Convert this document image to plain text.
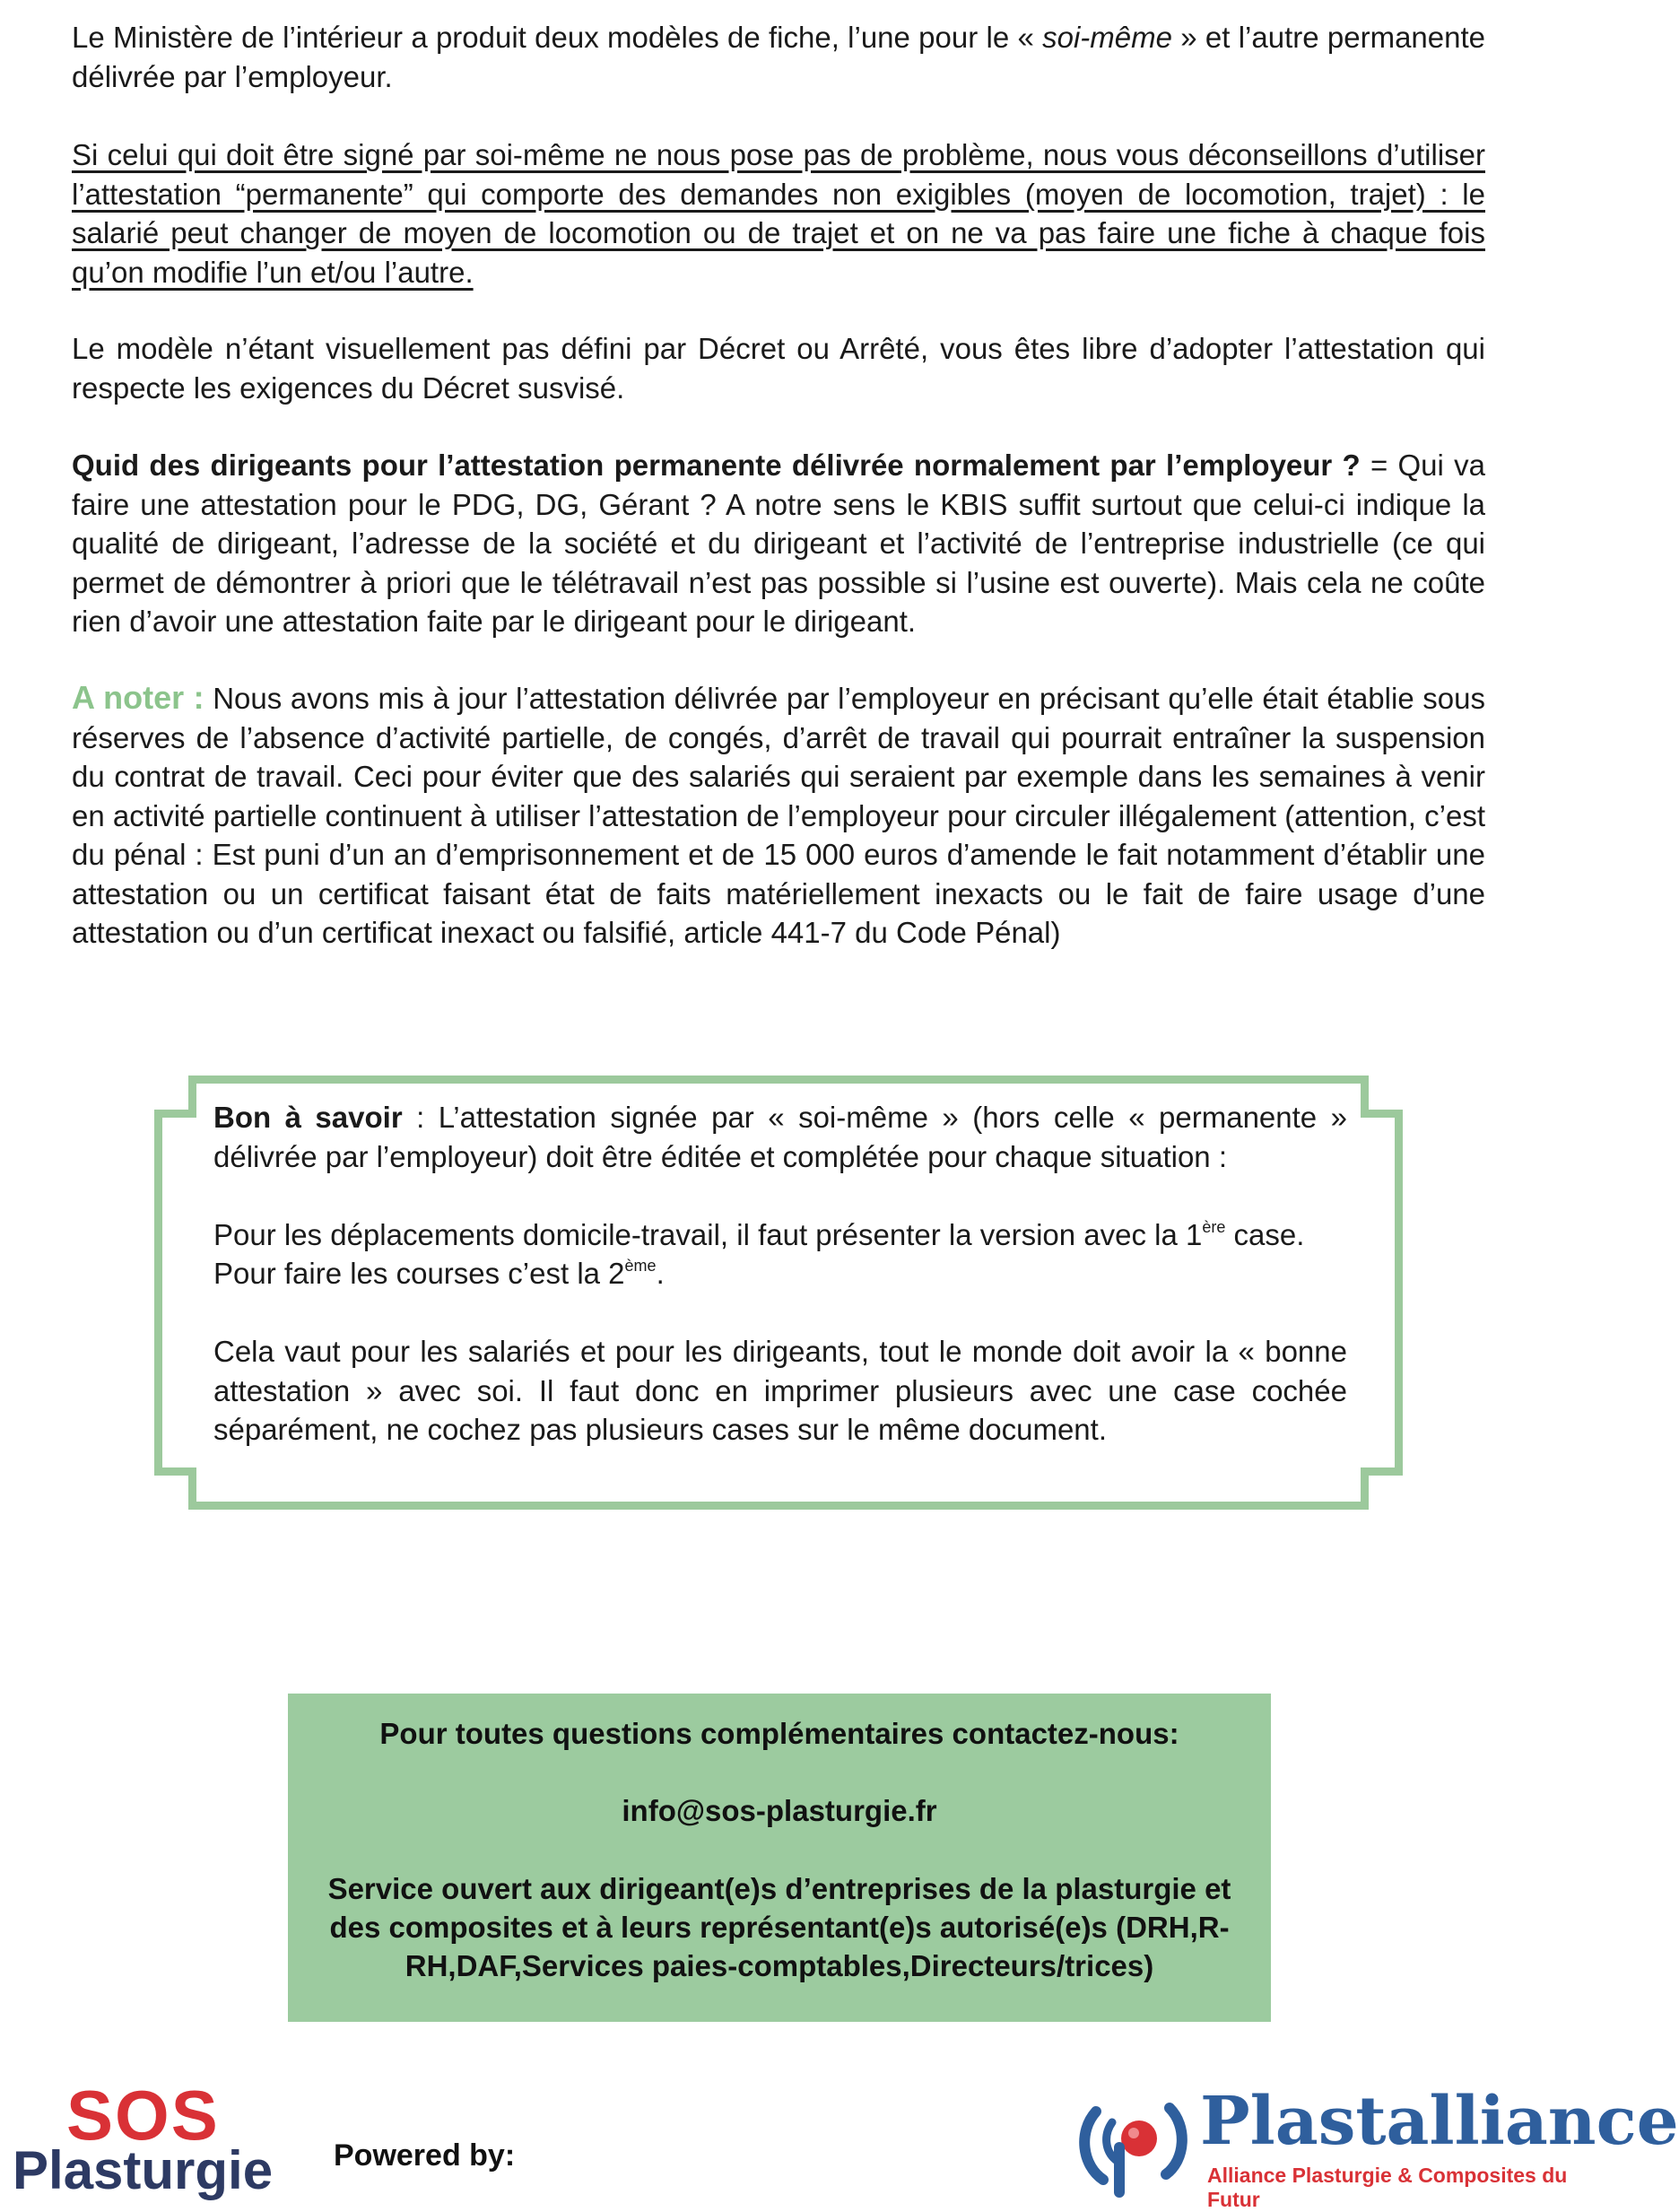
Le Ministère de l’intérieur a produit deux modèles de fiche, l’une pour le « soi-même » et l’autre permanente délivrée par l’employeur.

Si celui qui doit être signé par soi-même ne nous pose pas de problème, nous vous déconseillons d’utiliser l’attestation “permanente” qui comporte des demandes non exigibles (moyen de locomotion, trajet) : le salarié peut changer de moyen de locomotion ou de trajet et on ne va pas faire une fiche à chaque fois qu’on modifie l’un et/ou l’autre.

Le modèle n’étant visuellement pas défini par Décret ou Arrêté, vous êtes libre d’adopter l’attestation qui respecte les exigences du Décret susvisé.

Quid des dirigeants pour l’attestation permanente délivrée normalement par l’employeur ? = Qui va faire une attestation pour le PDG, DG, Gérant ? A notre sens le KBIS suffit surtout que celui-ci indique la qualité de dirigeant, l’adresse de la société et du dirigeant et l’activité de l’entreprise industrielle (ce qui permet de démontrer à priori que le télétravail n’est pas possible si l’usine est ouverte). Mais cela ne coûte rien d’avoir une attestation faite par le dirigeant pour le dirigeant.

A noter : Nous avons mis à jour l’attestation délivrée par l’employeur en précisant qu’elle était établie sous réserves de l’absence d’activité partielle, de congés, d’arrêt de travail qui pourrait entraîner la suspension du contrat de travail. Ceci pour éviter que des salariés qui seraient par exemple dans les semaines à venir en activité partielle continuent à utiliser l’attestation de l’employeur pour circuler illégalement (attention, c’est du pénal : Est puni d’un an d’emprisonnement et de 15 000 euros d’amende le fait notamment d’établir une attestation ou un certificat faisant état de faits matériellement inexacts ou le fait de faire usage d’une attestation ou d’un certificat inexact ou falsifié, article 441-7 du Code Pénal)

Bon à savoir : L’attestation signée par « soi-même » (hors celle « permanente » délivrée par l’employeur) doit être éditée et complétée pour chaque situation :

Pour les déplacements domicile-travail, il faut présenter la version avec la 1ère case. Pour faire les courses c’est la 2ème.

Cela vaut pour les salariés et pour les dirigeants, tout le monde doit avoir la « bonne attestation » avec soi. Il faut donc en imprimer plusieurs avec une case cochée séparément, ne cochez pas plusieurs cases sur le même document.

Pour toutes questions complémentaires contactez-nous:
info@sos-plasturgie.fr
Service ouvert aux dirigeant(e)s d’entreprises de la plasturgie et des composites et à leurs représentant(e)s autorisé(e)s (DRH,R-RH,DAF,Services paies-comptables,Directeurs/trices)
SOS
Plasturgie Powered by:	Plastalliance
Alliance Plasturgie & Composites du Futur
